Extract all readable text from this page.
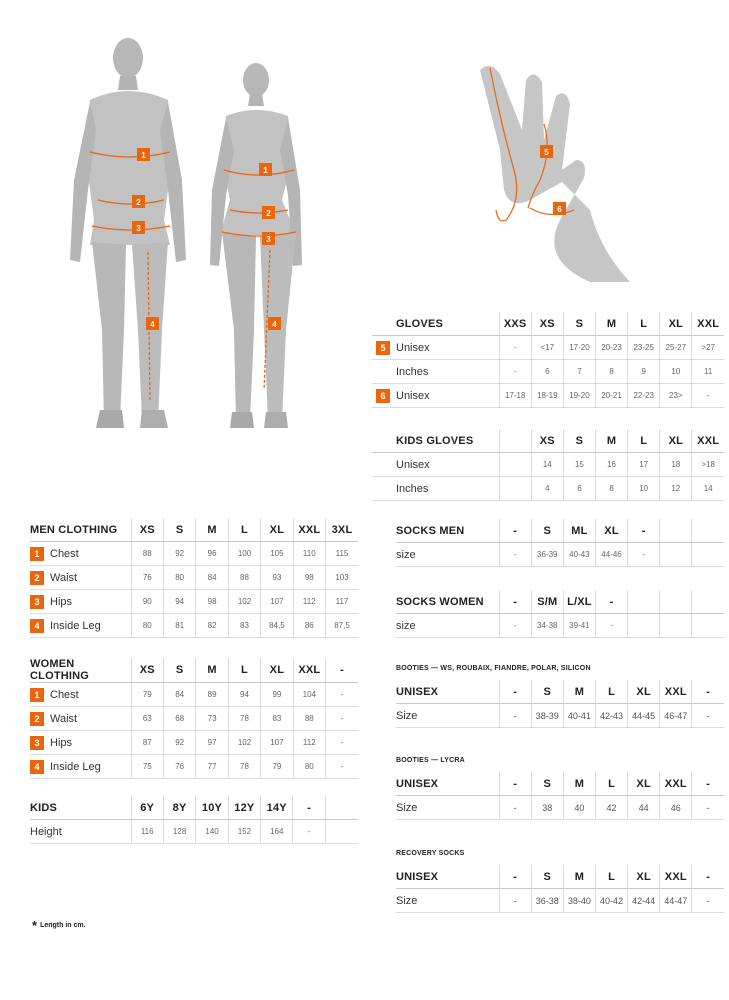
1
2
3
4
1
2
3
4
5
6
MEN CLOTHING	XS	S	M	L	XL	XXL	3XL
1 Chest	88	92	96	100	105	110	115
2 Waist	76	80	84	88	93	98	103
3 Hips	90	94	98	102	107	112	117
4 Inside Leg	80	81	82	83	84,5	86	87,5
WOMEN CLOTHING	XS	S	M	L	XL	XXL	-
1 Chest	79	84	89	94	99	104	-
2 Waist	63	68	73	78	83	88	-
3 Hips	87	92	97	102	107	112	-
4 Inside Leg	75	76	77	78	79	80	-
KIDS	6Y	8Y	10Y	12Y	14Y	-	
Height	116	128	140	152	164	-	
GLOVES	XXS	XS	S	M	L	XL	XXL
5 Unisex	-	<17	17-20	20-23	23-25	25-27	>27
Inches	-	6	7	8	9	10	11
6 Unisex	17-18	18-19	19-20	20-21	22-23	23>	-
KIDS GLOVES		XS	S	M	L	XL	XXL
Unisex		14	15	16	17	18	>18
Inches		4	6	8	10	12	14
SOCKS MEN	-	S	ML	XL	-		
size	-	36-39	40-43	44-46	-		
SOCKS WOMEN	-	S/M	L/XL	-			
size	-	34-38	39-41	-			
BOOTIES — WS, ROUBAIX, FIANDRE, POLAR, SILICON
UNISEX	-	S	M	L	XL	XXL	-
Size	-	38-39	40-41	42-43	44-45	46-47	-
BOOTIES — LYCRA
UNISEX	-	S	M	L	XL	XXL	-
Size	-	38	40	42	44	46	-
RECOVERY SOCKS
UNISEX	-	S	M	L	XL	XXL	-
Size	-	36-38	38-40	40-42	42-44	44-47	-
* Length in cm.
